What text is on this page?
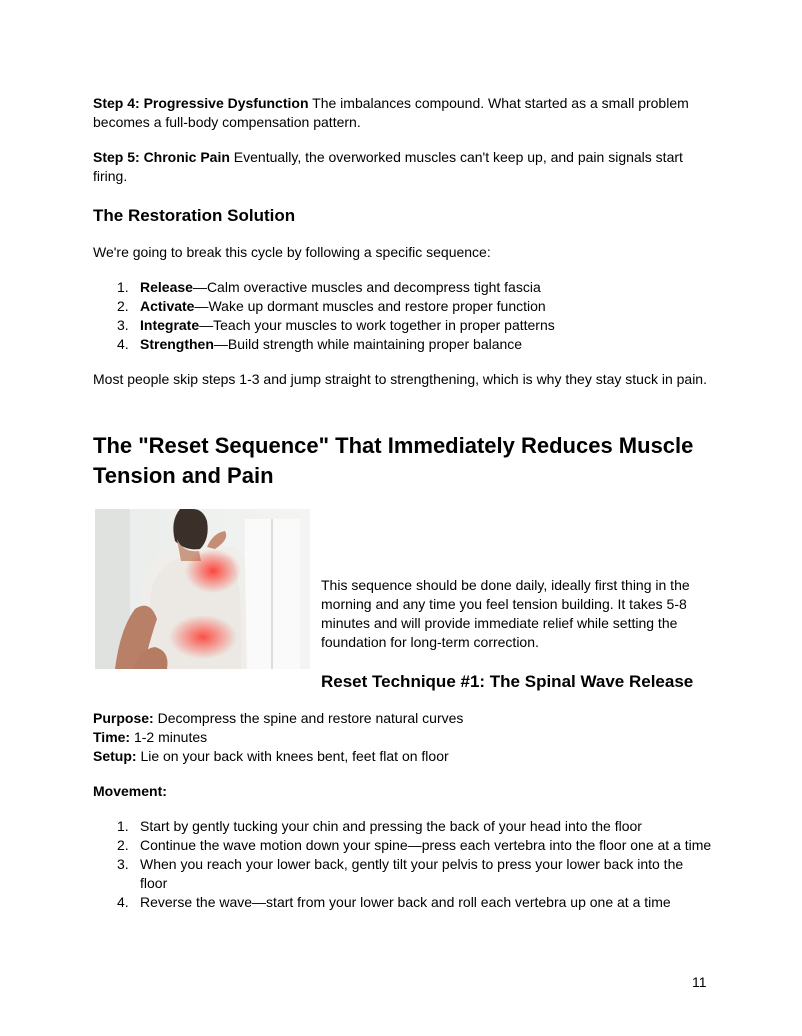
Step 4: Progressive Dysfunction The imbalances compound. What started as a small problem becomes a full-body compensation pattern.

Step 5: Chronic Pain Eventually, the overworked muscles can't keep up, and pain signals start firing.

The Restoration Solution

We're going to break this cycle by following a specific sequence:

1. Release—Calm overactive muscles and decompress tight fascia
2. Activate—Wake up dormant muscles and restore proper function
3. Integrate—Teach your muscles to work together in proper patterns
4. Strengthen—Build strength while maintaining proper balance

Most people skip steps 1-3 and jump straight to strengthening, which is why they stay stuck in pain.

The "Reset Sequence" That Immediately Reduces Muscle Tension and Pain

This sequence should be done daily, ideally first thing in the morning and any time you feel tension building. It takes 5-8 minutes and will provide immediate relief while setting the foundation for long-term correction.

Reset Technique #1: The Spinal Wave Release

Purpose: Decompress the spine and restore natural curves
Time: 1-2 minutes
Setup: Lie on your back with knees bent, feet flat on floor

Movement:

1. Start by gently tucking your chin and pressing the back of your head into the floor
2. Continue the wave motion down your spine—press each vertebra into the floor one at a time
3. When you reach your lower back, gently tilt your pelvis to press your lower back into the floor
4. Reverse the wave—start from your lower back and roll each vertebra up one at a time
11
